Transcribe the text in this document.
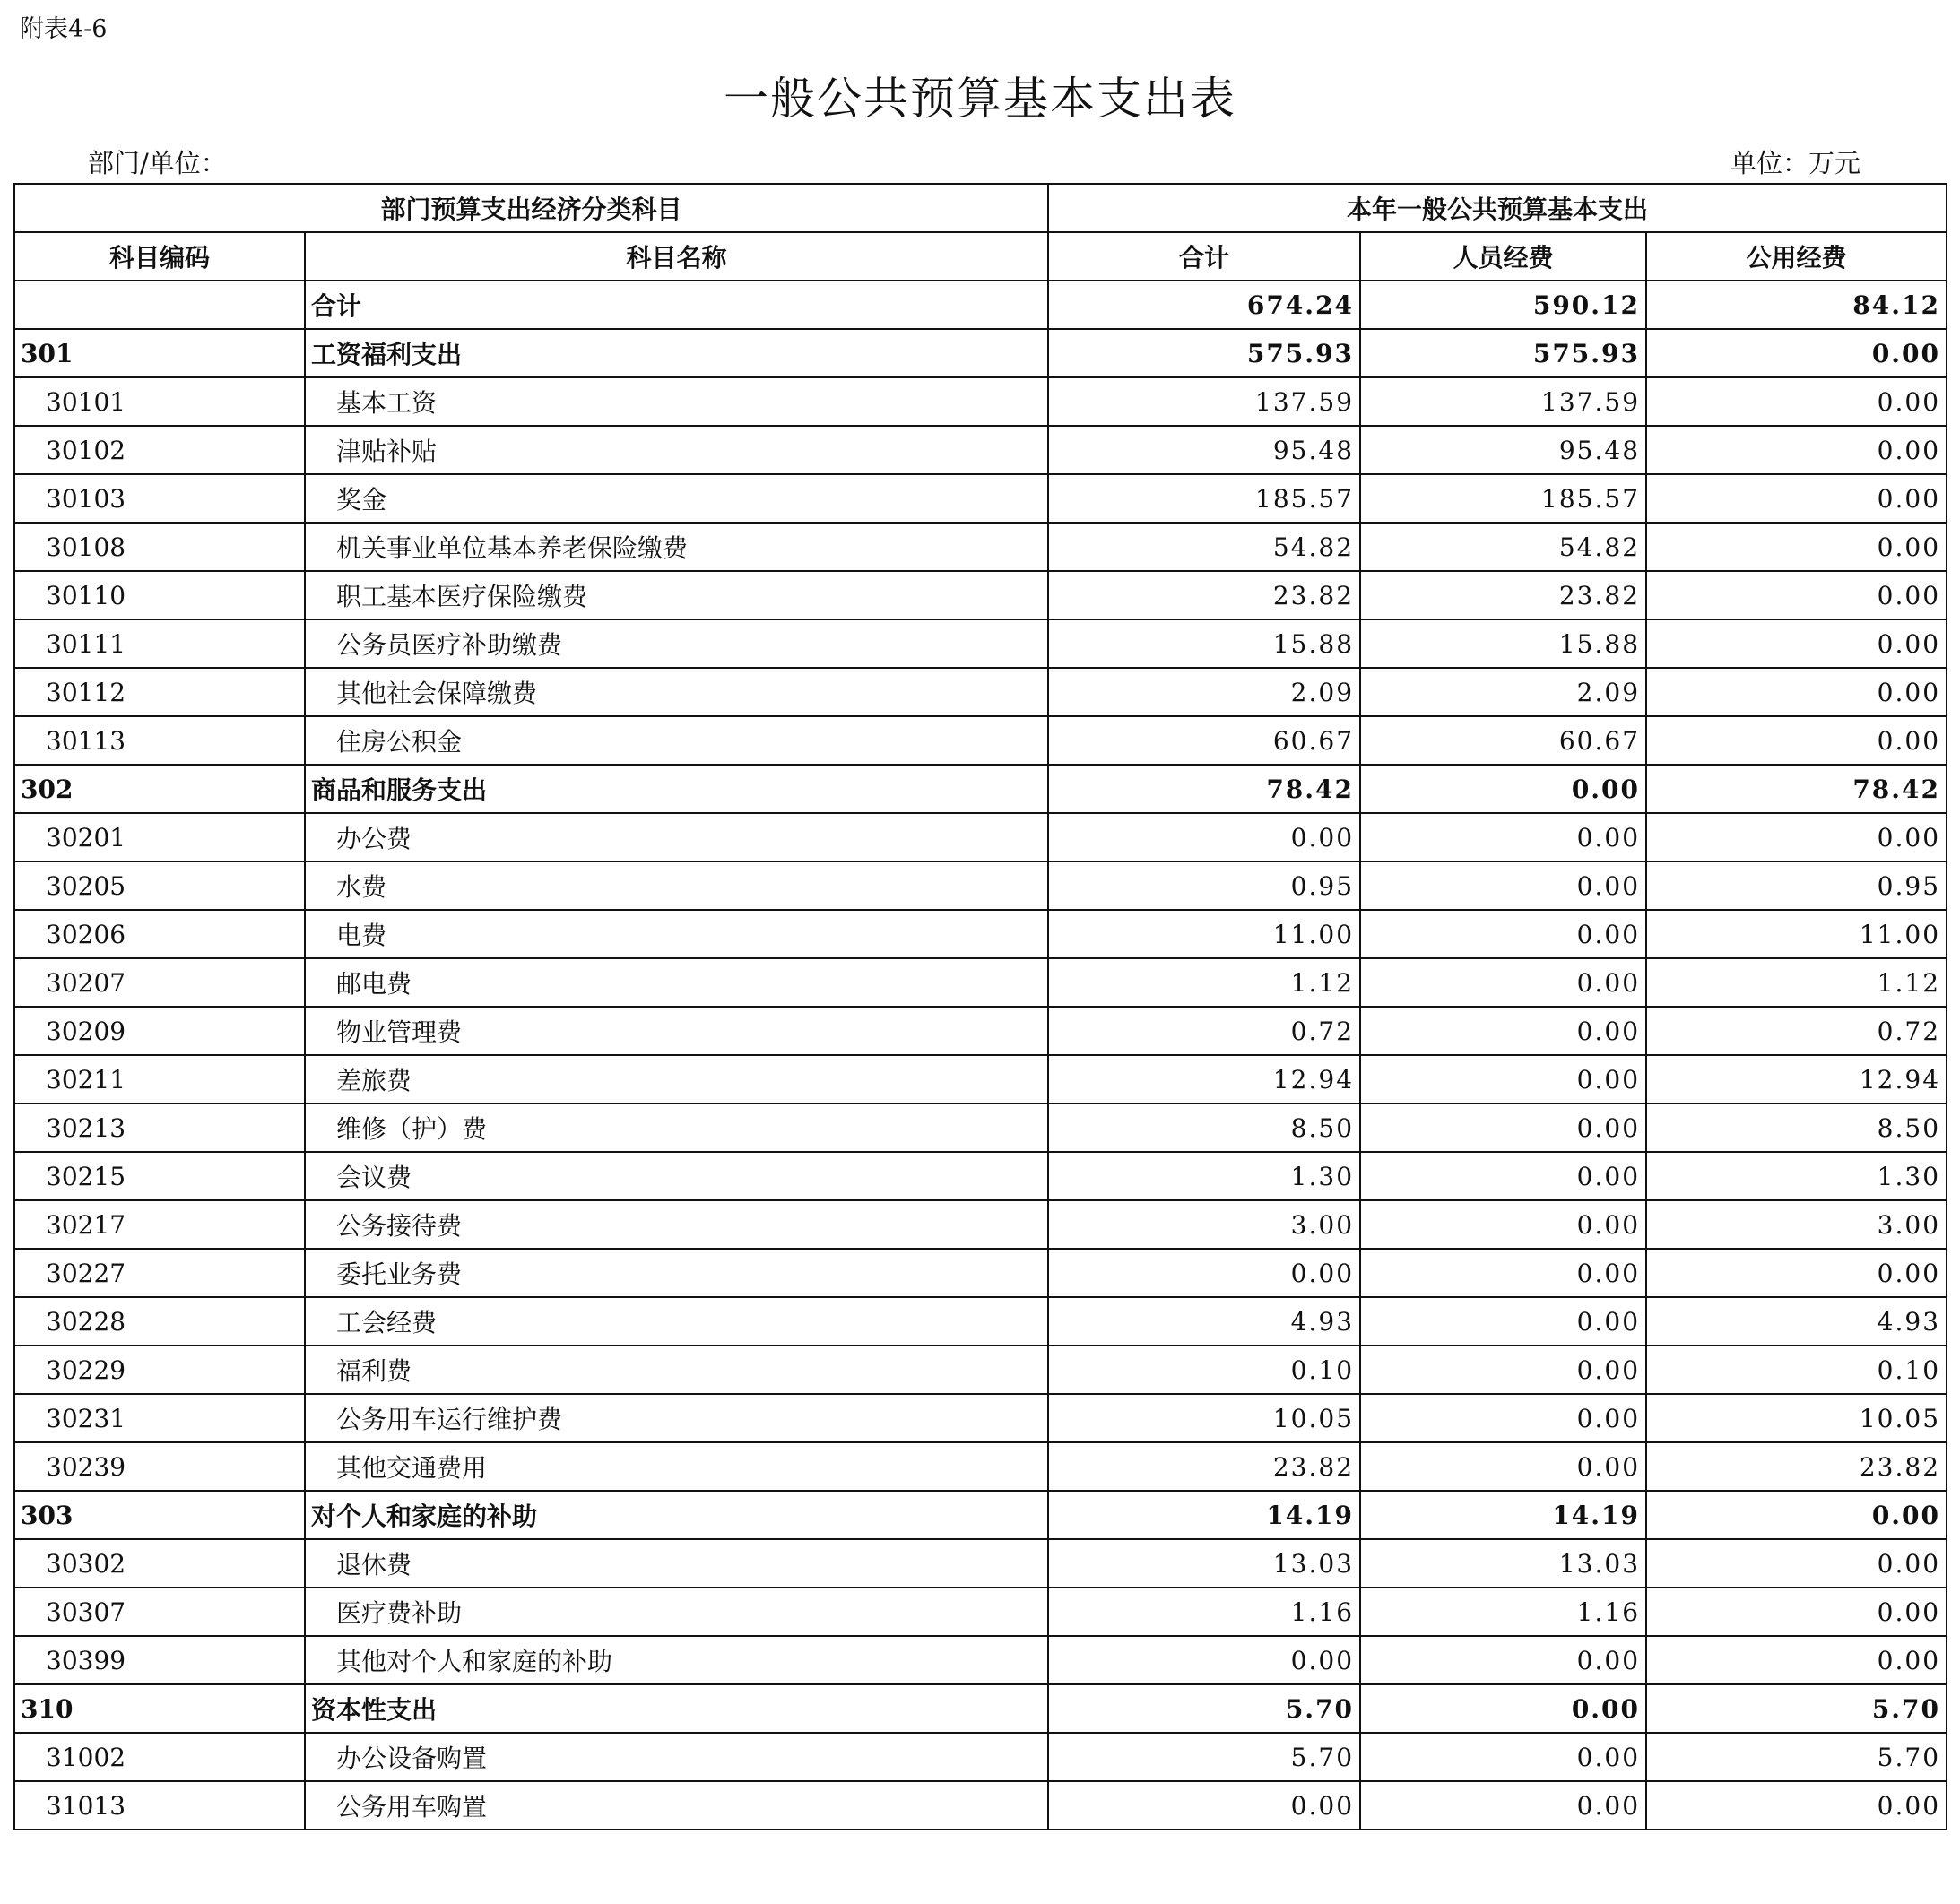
附表4-6
一般公共预算基本支出表
部门/单位：	单位：万元
部门预算支出经济分类科目		本年一般公共预算基本支出		
科目编码	科目名称	合计	人员经费	公用经费
	合计	674.24	590.12	84.12
301	工资福利支出	575.93	575.93	0.00
30101	基本工资	137.59	137.59	0.00
30102	津贴补贴	95.48	95.48	0.00
30103	奖金	185.57	185.57	0.00
30108	机关事业单位基本养老保险缴费	54.82	54.82	0.00
30110	职工基本医疗保险缴费	23.82	23.82	0.00
30111	公务员医疗补助缴费	15.88	15.88	0.00
30112	其他社会保障缴费	2.09	2.09	0.00
30113	住房公积金	60.67	60.67	0.00
302	商品和服务支出	78.42	0.00	78.42
30201	办公费	0.00	0.00	0.00
30205	水费	0.95	0.00	0.95
30206	电费	11.00	0.00	11.00
30207	邮电费	1.12	0.00	1.12
30209	物业管理费	0.72	0.00	0.72
30211	差旅费	12.94	0.00	12.94
30213	维修（护）费	8.50	0.00	8.50
30215	会议费	1.30	0.00	1.30
30217	公务接待费	3.00	0.00	3.00
30227	委托业务费	0.00	0.00	0.00
30228	工会经费	4.93	0.00	4.93
30229	福利费	0.10	0.00	0.10
30231	公务用车运行维护费	10.05	0.00	10.05
30239	其他交通费用	23.82	0.00	23.82
303	对个人和家庭的补助	14.19	14.19	0.00
30302	退休费	13.03	13.03	0.00
30307	医疗费补助	1.16	1.16	0.00
30399	其他对个人和家庭的补助	0.00	0.00	0.00
310	资本性支出	5.70	0.00	5.70
31002	办公设备购置	5.70	0.00	5.70
31013	公务用车购置	0.00	0.00	0.00
